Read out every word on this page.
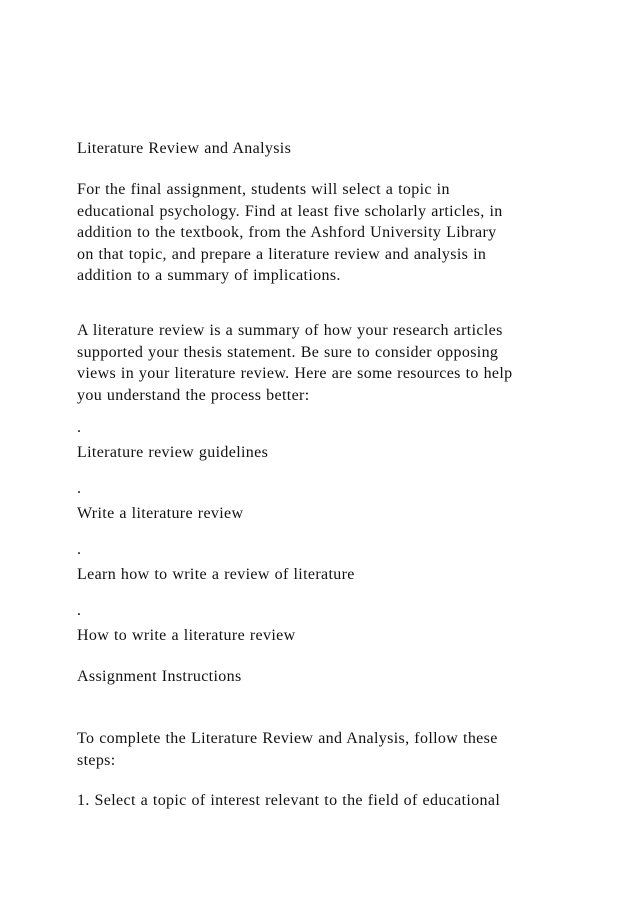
Literature Review and Analysis

For the final assignment, students will select a topic in

educational psychology. Find at least five scholarly articles, in

addition to the textbook, from the Ashford University Library

on that topic, and prepare a literature review and analysis in

addition to a summary of implications.

A literature review is a summary of how your research articles

supported your thesis statement. Be sure to consider opposing

views in your literature review. Here are some resources to help

you understand the process better:

.

Literature review guidelines

.

Write a literature review

.

Learn how to write a review of literature

.

How to write a literature review

Assignment Instructions

To complete the Literature Review and Analysis, follow these

steps:

1. Select a topic of interest relevant to the field of educational
